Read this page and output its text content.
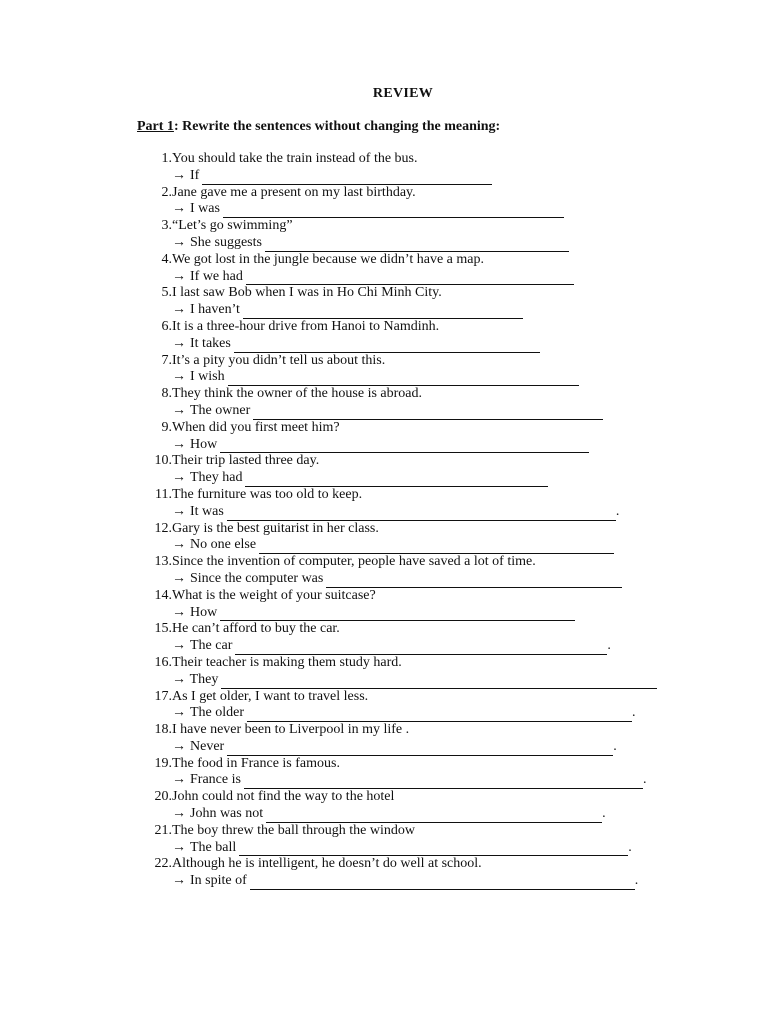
REVIEW
Part 1: Rewrite the sentences without changing the meaning:
1. You should take the train instead of the bus.
→ If
2. Jane gave me a present on my last birthday.
→ I was
3. “Let’s go swimming”
→ She suggests
4. We got lost in the jungle because we didn’t have a map.
→ If we had
5. I last saw Bob when I was in Ho Chi Minh City.
→ I haven’t
6. It is a three-hour drive from Hanoi to Namdinh.
→ It takes
7. It’s a pity you didn’t tell us about this.
→ I wish
8. They think the owner of the house is abroad.
→ The owner
9. When did you first meet him?
→ How
10. Their trip lasted three day.
→ They had
11. The furniture was too old to keep.
→ It was	.
12. Gary is the best guitarist in her class.
→ No one else
13. Since the invention of computer, people have saved a lot of time.
→ Since the computer was
14. What is the weight of your suitcase?
→ How
15. He can’t afford to buy the car.
→ The car	.
16. Their teacher is making them study hard.
→ They
17. As I get older, I want to travel less.
→ The older	.
18. I have never been to Liverpool in my life .
→ Never	.
19. The food in France is famous.
→ France is	.
20. John could not find the way to the hotel
→ John was not	.
21. The boy threw the ball through the window
→ The ball	.
22. Although he is intelligent, he doesn’t do well at school.
→ In spite of	.
